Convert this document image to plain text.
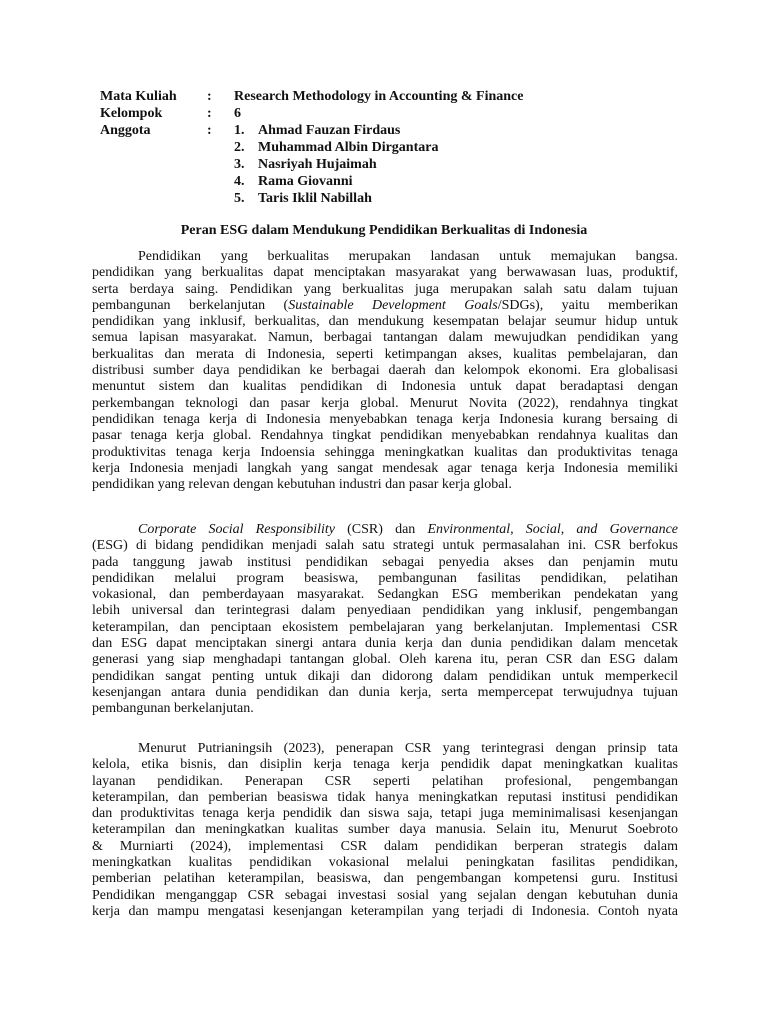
Mata Kuliah : Research Methodology in Accounting & Finance
Kelompok	: 6
Anggota	: 1. Ahmad Fauzan Firdaus
2. Muhammad Albin Dirgantara
3. Nasriyah Hujaimah
4. Rama Giovanni
5. Taris Iklil Nabillah
Peran ESG dalam Mendukung Pendidikan Berkualitas di Indonesia
Pendidikan yang berkualitas merupakan landasan untuk memajukan bangsa.
pendidikan yang berkualitas dapat menciptakan masyarakat yang berwawasan luas, produktif,
serta berdaya saing. Pendidikan yang berkualitas juga merupakan salah satu dalam tujuan
pembangunan berkelanjutan (Sustainable Development Goals/SDGs), yaitu memberikan
pendidikan yang inklusif, berkualitas, dan mendukung kesempatan belajar seumur hidup untuk
semua lapisan masyarakat. Namun, berbagai tantangan dalam mewujudkan pendidikan yang
berkualitas dan merata di Indonesia, seperti ketimpangan akses, kualitas pembelajaran, dan
distribusi sumber daya pendidikan ke berbagai daerah dan kelompok ekonomi. Era globalisasi
menuntut sistem dan kualitas pendidikan di Indonesia untuk dapat beradaptasi dengan
perkembangan teknologi dan pasar kerja global. Menurut Novita (2022), rendahnya tingkat
pendidikan tenaga kerja di Indonesia menyebabkan tenaga kerja Indonesia kurang bersaing di
pasar tenaga kerja global. Rendahnya tingkat pendidikan menyebabkan rendahnya kualitas dan
produktivitas tenaga kerja Indoensia sehingga meningkatkan kualitas dan produktivitas tenaga
kerja Indonesia menjadi langkah yang sangat mendesak agar tenaga kerja Indonesia memiliki
pendidikan yang relevan dengan kebutuhan industri dan pasar kerja global.
Corporate Social Responsibility (CSR) dan Environmental, Social, and Governance
(ESG) di bidang pendidikan menjadi salah satu strategi untuk permasalahan ini. CSR berfokus
pada tanggung jawab institusi pendidikan sebagai penyedia akses dan penjamin mutu
pendidikan melalui program beasiswa, pembangunan fasilitas pendidikan, pelatihan
vokasional, dan pemberdayaan masyarakat. Sedangkan ESG memberikan pendekatan yang
lebih universal dan terintegrasi dalam penyediaan pendidikan yang inklusif, pengembangan
keterampilan, dan penciptaan ekosistem pembelajaran yang berkelanjutan. Implementasi CSR
dan ESG dapat menciptakan sinergi antara dunia kerja dan dunia pendidikan dalam mencetak
generasi yang siap menghadapi tantangan global. Oleh karena itu, peran CSR dan ESG dalam
pendidikan sangat penting untuk dikaji dan didorong dalam pendidikan untuk memperkecil
kesenjangan antara dunia pendidikan dan dunia kerja, serta mempercepat terwujudnya tujuan
pembangunan berkelanjutan.
Menurut Putrianingsih (2023), penerapan CSR yang terintegrasi dengan prinsip tata
kelola, etika bisnis, dan disiplin kerja tenaga kerja pendidik dapat meningkatkan kualitas
layanan pendidikan. Penerapan CSR seperti pelatihan profesional, pengembangan
keterampilan, dan pemberian beasiswa tidak hanya meningkatkan reputasi institusi pendidikan
dan produktivitas tenaga kerja pendidik dan siswa saja, tetapi juga meminimalisasi kesenjangan
keterampilan dan meningkatkan kualitas sumber daya manusia. Selain itu, Menurut Soebroto
& Murniarti (2024), implementasi CSR dalam pendidikan berperan strategis dalam
meningkatkan kualitas pendidikan vokasional melalui peningkatan fasilitas pendidikan,
pemberian pelatihan keterampilan, beasiswa, dan pengembangan kompetensi guru. Institusi
Pendidikan menganggap CSR sebagai investasi sosial yang sejalan dengan kebutuhan dunia
kerja dan mampu mengatasi kesenjangan keterampilan yang terjadi di Indonesia. Contoh nyata
